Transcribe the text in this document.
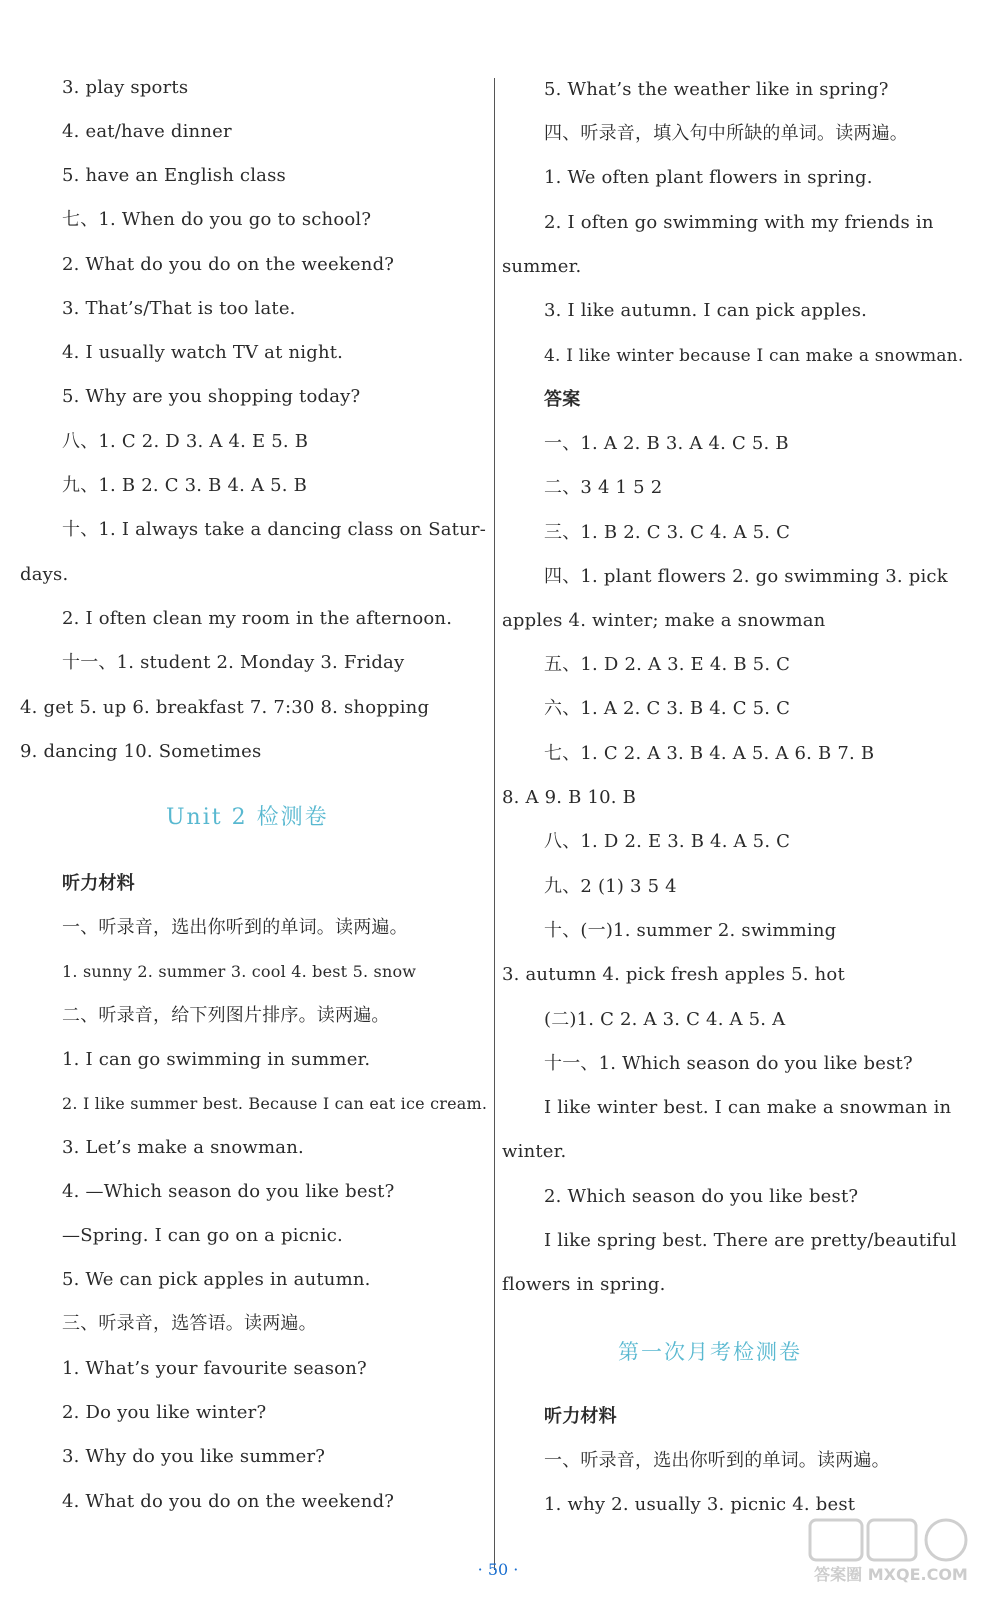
3. play sports
4. eat/have dinner
5. have an English class
七、1. When do you go to school?
2. What do you do on the weekend?
3. That’s/That is too late.
4. I usually watch TV at night.
5. Why are you shopping today?
八、1. C 2. D 3. A 4. E 5. B
九、1. B 2. C 3. B 4. A 5. B
十、1. I always take a dancing class on Satur-
days.
2. I often clean my room in the afternoon.
十一、1. student 2. Monday 3. Friday
4. get 5. up 6. breakfast 7. 7:30 8. shopping
9. dancing 10. Sometimes
Unit 2 检测卷
听力材料
一、听录音，选出你听到的单词。读两遍。
1. sunny 2. summer 3. cool 4. best 5. snow
二、听录音，给下列图片排序。读两遍。
1. I can go swimming in summer.
2. I like summer best. Because I can eat ice cream.
3. Let’s make a snowman.
4. —Which season do you like best?
—Spring. I can go on a picnic.
5. We can pick apples in autumn.
三、听录音，选答语。读两遍。
1. What’s your favourite season?
2. Do you like winter?
3. Why do you like summer?
4. What do you do on the weekend?
5. What’s the weather like in spring?
四、听录音，填入句中所缺的单词。读两遍。
1. We often plant flowers in spring.
2. I often go swimming with my friends in
summer.
3. I like autumn. I can pick apples.
4. I like winter because I can make a snowman.
答案
一、1. A 2. B 3. A 4. C 5. B
二、3 4 1 5 2
三、1. B 2. C 3. C 4. A 5. C
四、1. plant flowers 2. go swimming 3. pick
apples 4. winter; make a snowman
五、1. D 2. A 3. E 4. B 5. C
六、1. A 2. C 3. B 4. C 5. C
七、1. C 2. A 3. B 4. A 5. A 6. B 7. B
8. A 9. B 10. B
八、1. D 2. E 3. B 4. A 5. C
九、2 (1) 3 5 4
十、(一)1. summer 2. swimming
3. autumn 4. pick fresh apples 5. hot
(二)1. C 2. A 3. C 4. A 5. A
十一、1. Which season do you like best?
I like winter best. I can make a snowman in
winter.
2. Which season do you like best?
I like spring best. There are pretty/beautiful
flowers in spring.
第一次月考检测卷
听力材料
一、听录音，选出你听到的单词。读两遍。
1. why 2. usually 3. picnic 4. best
· 50 ·	答案圈 MXQE.COM
